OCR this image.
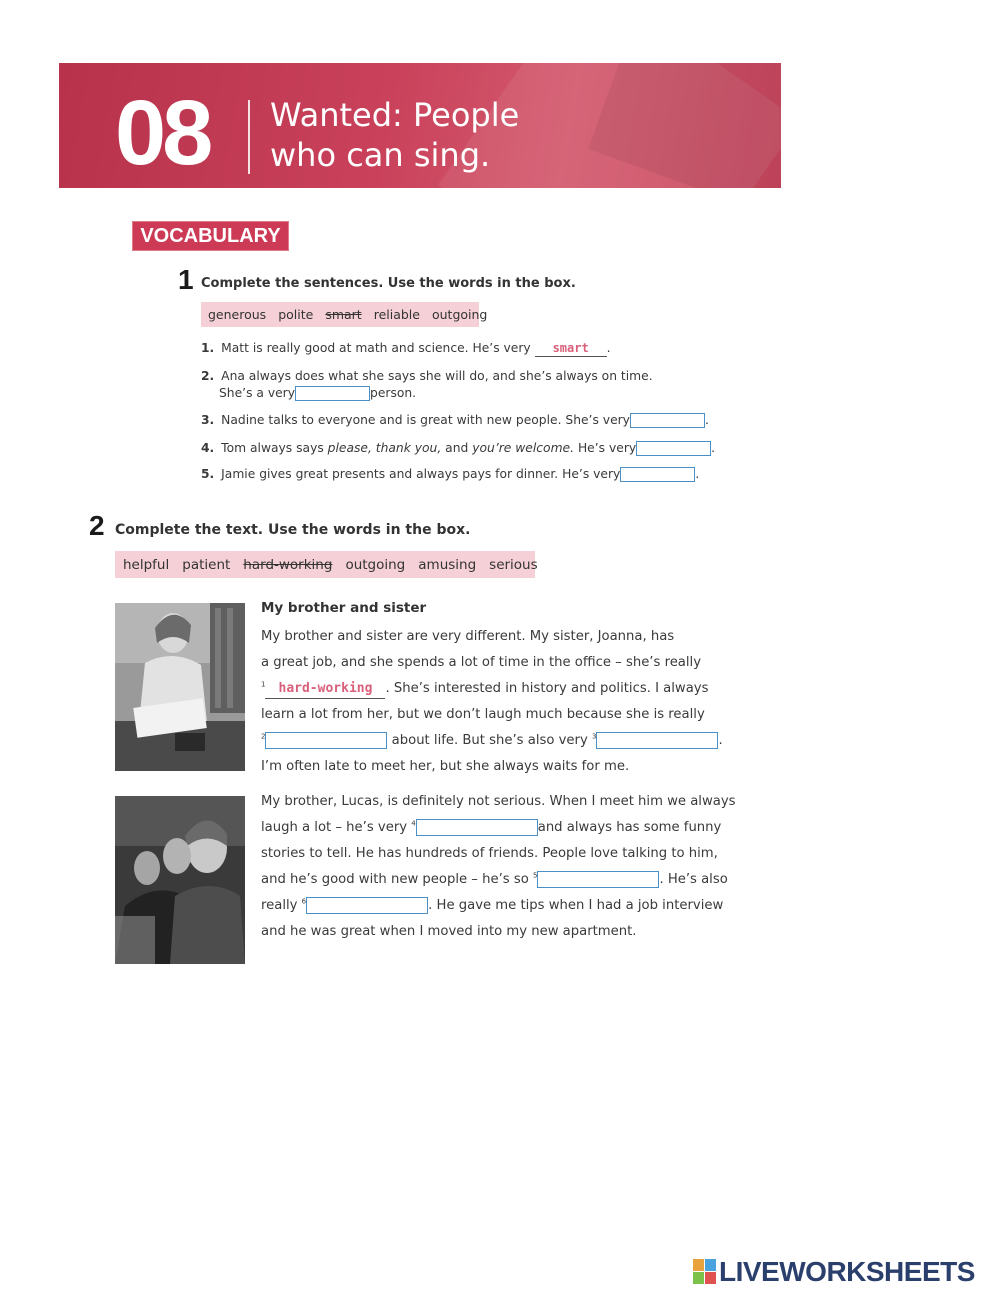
08 Wanted: People
who can sing.
VOCABULARY
1 Complete the sentences. Use the words in the box.
generous polite smart reliable outgoing
1. Matt is really good at math and science. He’s very smart .
2. Ana always does what she says she will do, and she’s always on time.
She’s a very	person.
3. Nadine talks to everyone and is great with new people. She’s very	.
4. Tom always says please, thank you, and you’re welcome. He’s very	.
5. Jamie gives great presents and always pays for dinner. He’s very	.
2 Complete the text. Use the words in the box.
helpful patient hard-working outgoing amusing serious
My brother and sister
My brother and sister are very different. My sister, Joanna, has
a great job, and she spends a lot of time in the office – she’s really
$^1$ hard-working . She’s interested in history and politics. I always
learn a lot from her, but we don’t laugh much because she is really
$^2$	about life. But she’s also very $^3$	.
I’m often late to meet her, but she always waits for me.
My brother, Lucas, is definitely not serious. When I meet him we always
laugh a lot – he’s very $^4$	and always has some funny
stories to tell. He has hundreds of friends. People love talking to him,
and he’s good with new people – he’s so $^5$	. He’s also
really $^6$	. He gave me tips when I had a job interview
and he was great when I moved into my new apartment.
LIVEWORKSHEETS
